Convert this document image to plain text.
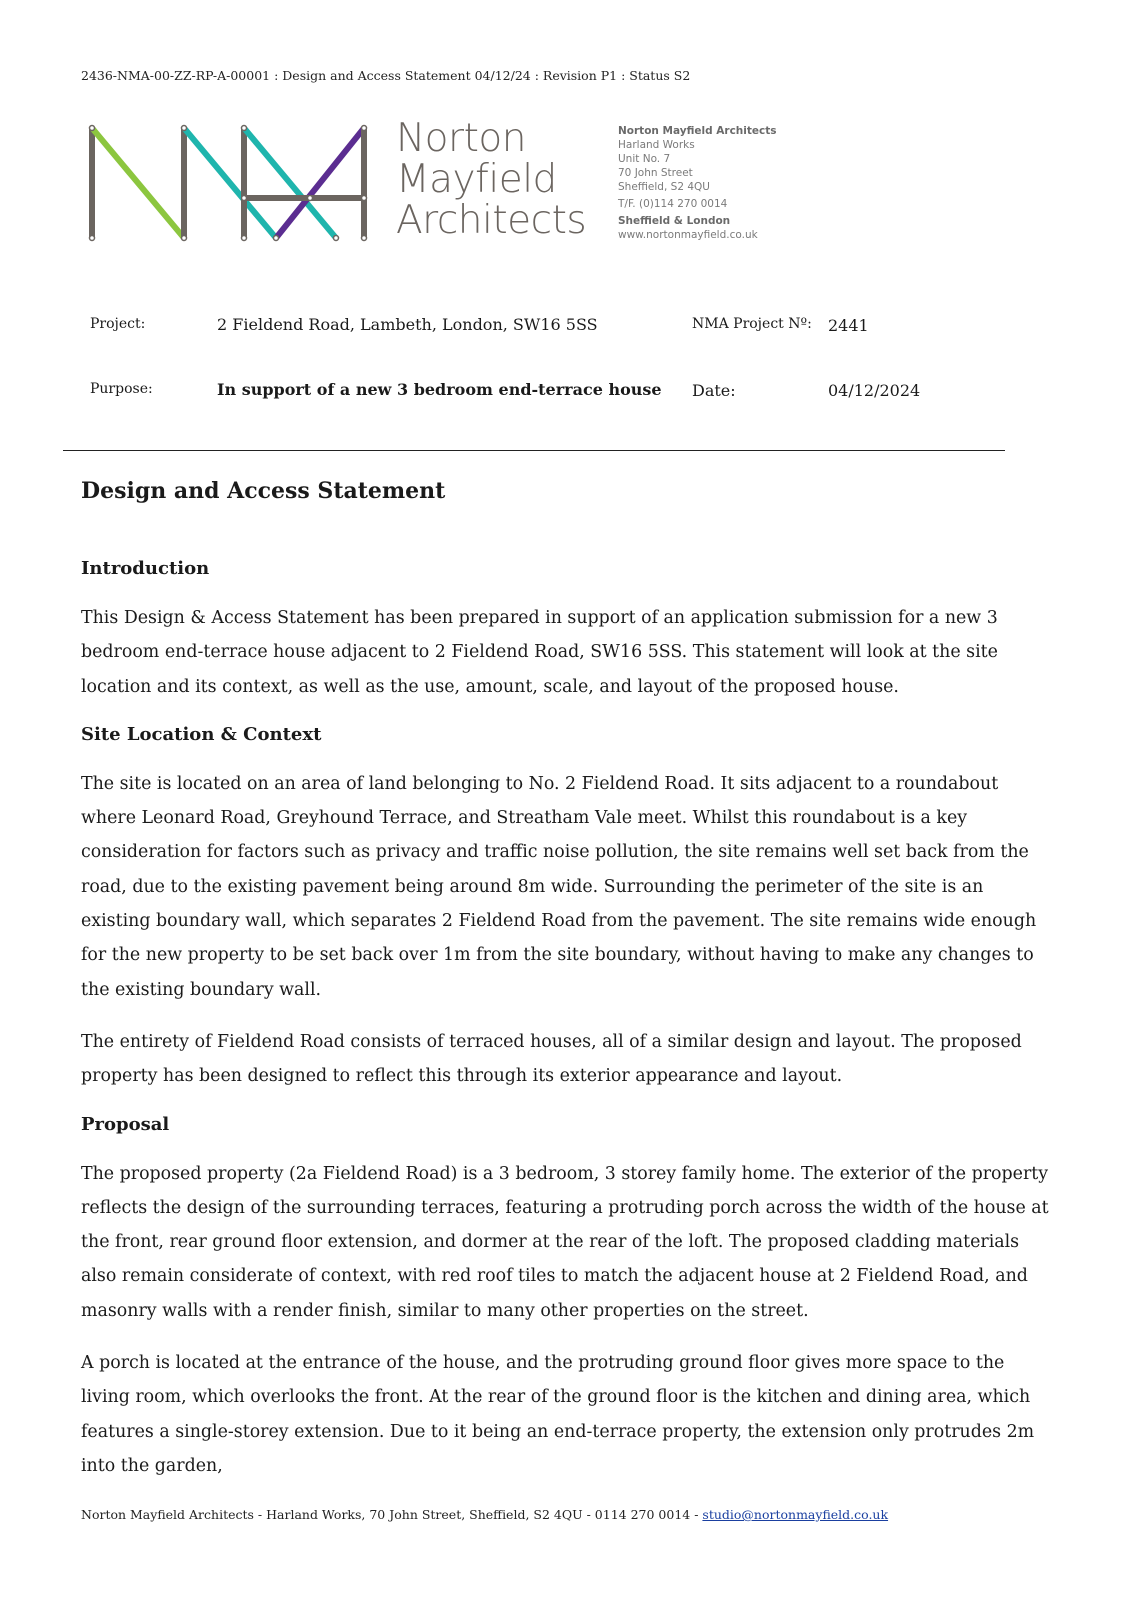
2436-NMA-00-ZZ-RP-A-00001 : Design and Access Statement 04/12/24 : Revision P1 : Status S2
Norton
Mayfield
Architects
Norton Mayfield Architects
Harland Works
Unit No. 7
70 John Street
Sheffield, S2 4QU
T/F. (0)114 270 0014
Sheffield & London
www.nortonmayfield.co.uk
Project:	2 Fieldend Road, Lambeth, London, SW16 5SS	NMA Project Nº: 2441
Purpose:	In support of a new 3 bedroom end-terrace house Date:	04/12/2024
Design and Access Statement
Introduction

This Design & Access Statement has been prepared in support of an application submission for a new 3 bedroom end-terrace house adjacent to 2 Fieldend Road, SW16 5SS. This statement will look at the site location and its context, as well as the use, amount, scale, and layout of the proposed house.

Site Location & Context

The site is located on an area of land belonging to No. 2 Fieldend Road. It sits adjacent to a roundabout where Leonard Road, Greyhound Terrace, and Streatham Vale meet. Whilst this roundabout is a key consideration for factors such as privacy and traffic noise pollution, the site remains well set back from the road, due to the existing pavement being around 8m wide. Surrounding the perimeter of the site is an existing boundary wall, which separates 2 Fieldend Road from the pavement. The site remains wide enough for the new property to be set back over 1m from the site boundary, without having to make any changes to the existing boundary wall.

The entirety of Fieldend Road consists of terraced houses, all of a similar design and layout. The proposed property has been designed to reflect this through its exterior appearance and layout.

Proposal

The proposed property (2a Fieldend Road) is a 3 bedroom, 3 storey family home. The exterior of the property reflects the design of the surrounding terraces, featuring a protruding porch across the width of the house at the front, rear ground floor extension, and dormer at the rear of the loft. The proposed cladding materials also remain considerate of context, with red roof tiles to match the adjacent house at 2 Fieldend Road, and masonry walls with a render finish, similar to many other properties on the street.

A porch is located at the entrance of the house, and the protruding ground floor gives more space to the living room, which overlooks the front. At the rear of the ground floor is the kitchen and dining area, which features a single-storey extension. Due to it being an end-terrace property, the extension only protrudes 2m into the garden,

Norton Mayfield Architects - Harland Works, 70 John Street, Sheffield, S2 4QU - 0114 270 0014 - studio@nortonmayfield.co.uk
